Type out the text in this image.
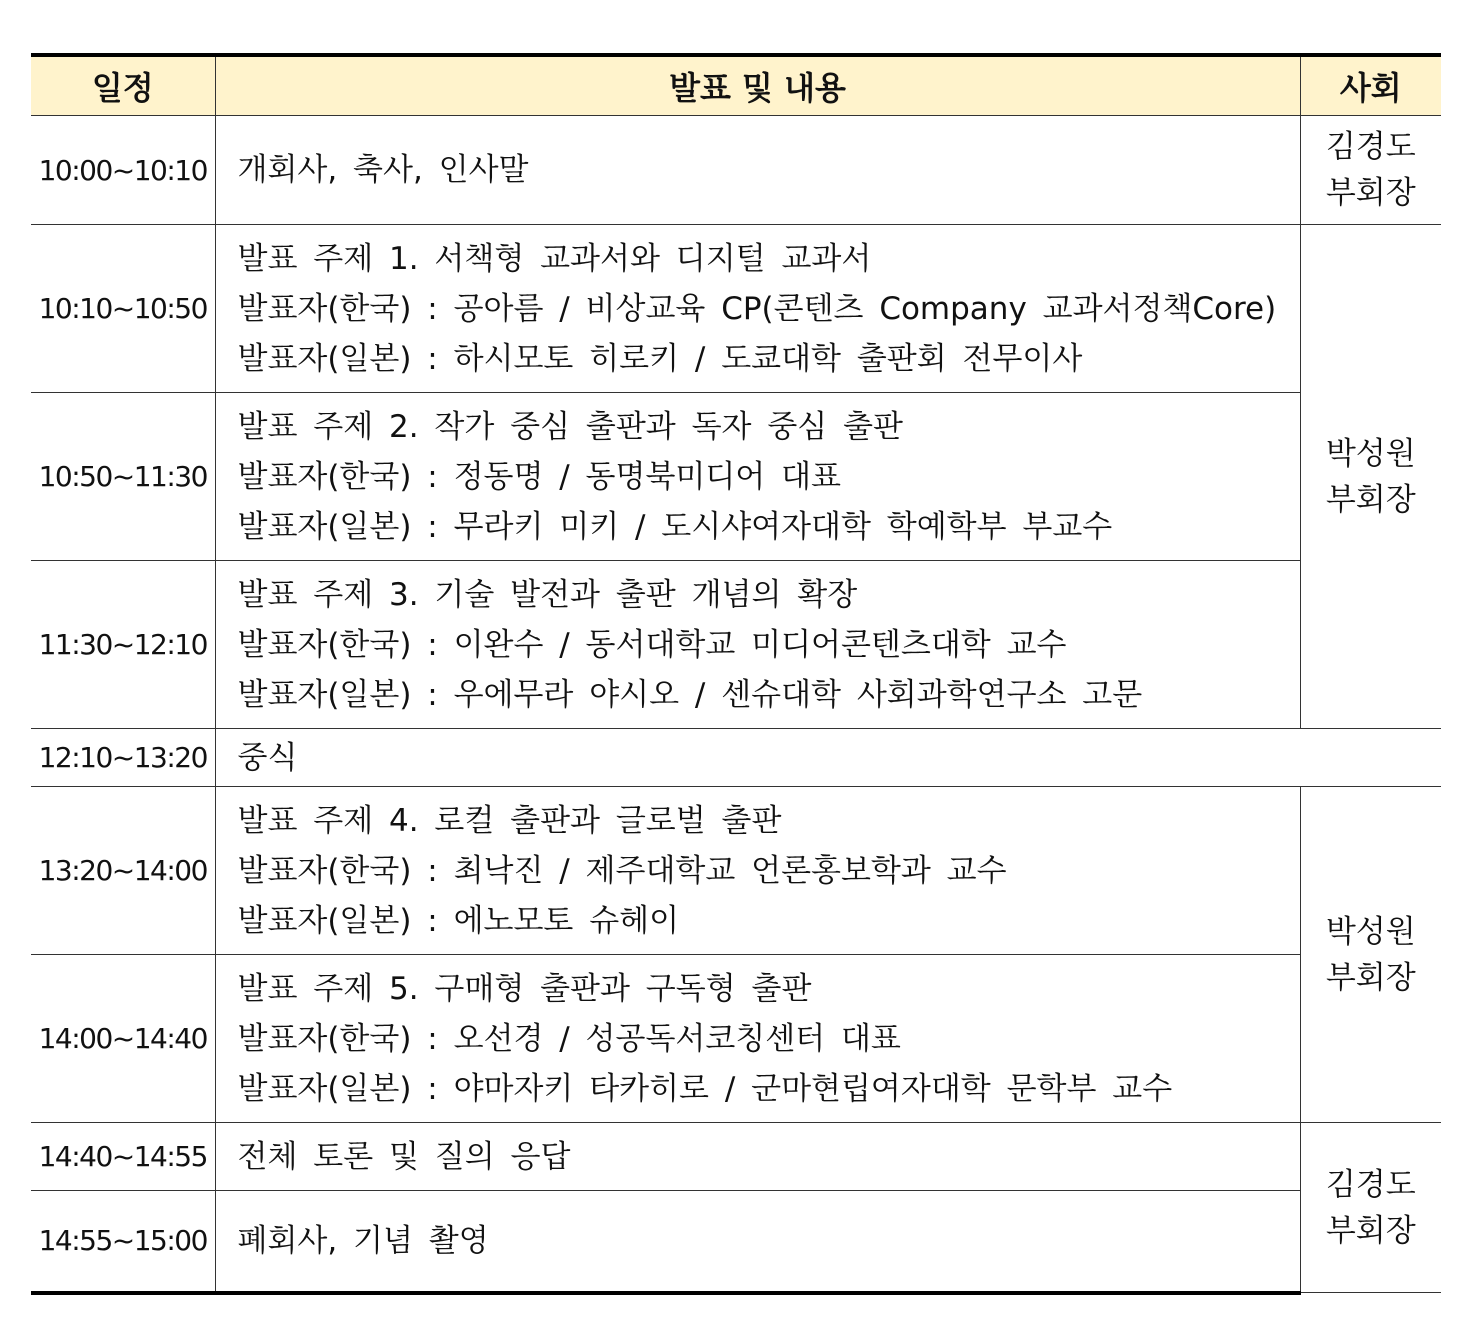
일정	발표 및 내용	사회
10:00~10:10	개회사, 축사, 인사말	김경도
부회장

10:10~10:50	발표 주제 1. 서책형 교과서와 디지털 교과서
발표자(한국) : 공아름 / 비상교육 CP(콘텐츠 Company 교과서정책Core)
발표자(일본) : 하시모토 히로키 / 도쿄대학 출판회 전무이사	박성원
부회장

10:50~11:30	발표 주제 2. 작가 중심 출판과 독자 중심 출판
발표자(한국) : 정동명 / 동명북미디어 대표
발표자(일본) : 무라키 미키 / 도시샤여자대학 학예학부 부교수	

11:30~12:10	발표 주제 3. 기술 발전과 출판 개념의 확장
발표자(한국) : 이완수 / 동서대학교 미디어콘텐츠대학 교수
발표자(일본) : 우에무라 야시오 / 센슈대학 사회과학연구소 고문	

12:10~13:20	중식	

13:20~14:00	발표 주제 4. 로컬 출판과 글로벌 출판
발표자(한국) : 최낙진 / 제주대학교 언론홍보학과 교수
발표자(일본) : 에노모토 슈헤이	박성원
부회장

14:00~14:40	발표 주제 5. 구매형 출판과 구독형 출판
발표자(한국) : 오선경 / 성공독서코칭센터 대표
발표자(일본) : 야마자키 타카히로 / 군마현립여자대학 문학부 교수	

14:40~14:55	전체 토론 및 질의 응답	김경도
부회장

14:55~15:00	폐회사, 기념 촬영	
